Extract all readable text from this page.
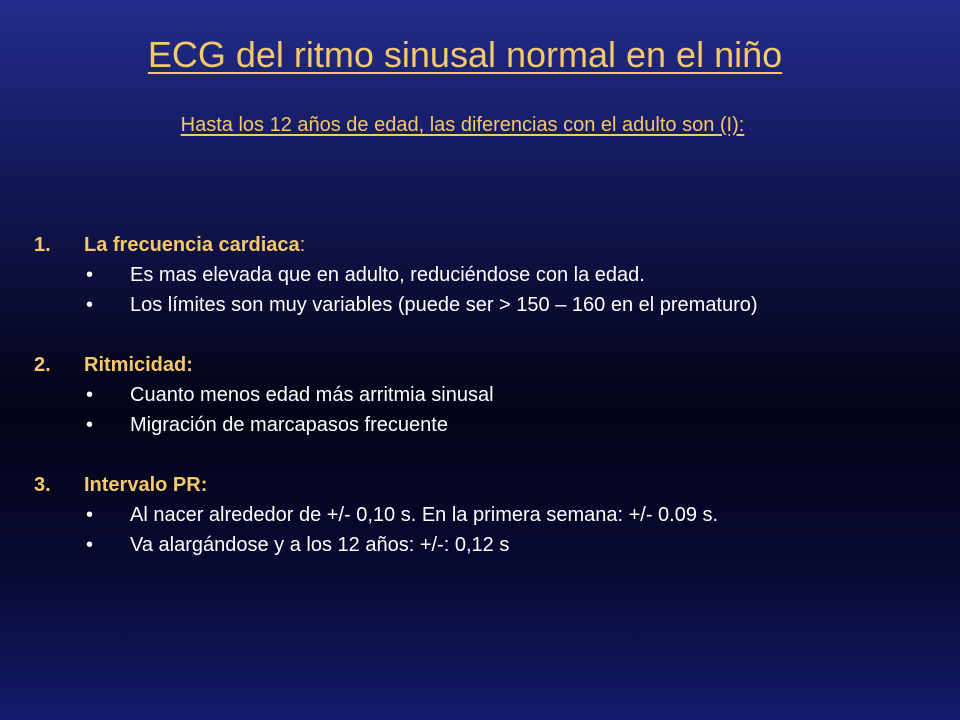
ECG del ritmo sinusal normal en el niño
Hasta los 12 años de edad, las diferencias con el adulto son (I):
1.	La frecuencia cardiaca :
•	Es mas elevada que en adulto, reduciéndose con la edad.
•	Los límites son muy variables (puede ser > 150 – 160 en el prematuro)
2.	Ritmicidad:
•	Cuanto menos edad más arritmia sinusal
•	Migración de marcapasos frecuente
3.	Intervalo PR:
•	Al nacer alrededor de +/- 0,10 s. En la primera semana: +/- 0.09 s.
•	Va alargándose y a los 12 años: +/-: 0,12 s
